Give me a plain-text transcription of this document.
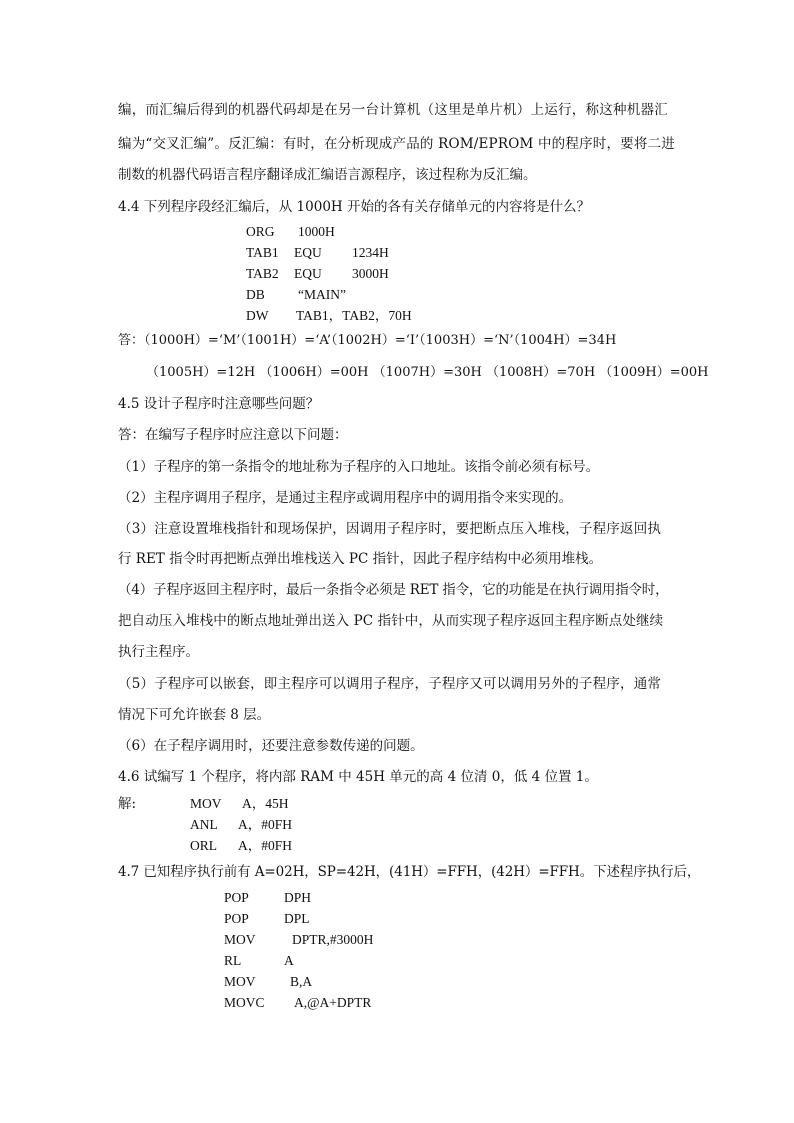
编，而汇编后得到的机器代码却是在另一台计算机（这里是单片机）上运行，称这种机器汇
编为“交叉汇编”。反汇编：有时，在分析现成产品的 ROM/EPROM 中的程序时，要将二进
制数的机器代码语言程序翻译成汇编语言源程序，该过程称为反汇编。
4.4 下列程序段经汇编后，从 1000H 开始的各有关存储单元的内容将是什么？
ORG 1000H
TAB1 EQU 1234H
TAB2 EQU 3000H
DB “MAIN”
DW TAB1，TAB2，70H
答：（1000H）=‘M’（1001H）=‘A’（1002H）=‘I’（1003H）=‘N’（1004H）=34H
（1005H）=12H （1006H）=00H （1007H）=30H （1008H）=70H （1009H）=00H
4.5 设计子程序时注意哪些问题？
答：在编写子程序时应注意以下问题：
（1）子程序的第一条指令的地址称为子程序的入口地址。该指令前必须有标号。
（2）主程序调用子程序，是通过主程序或调用程序中的调用指令来实现的。
（3）注意设置堆栈指针和现场保护，因调用子程序时，要把断点压入堆栈，子程序返回执
行 RET 指令时再把断点弹出堆栈送入 PC 指针，因此子程序结构中必须用堆栈。
（4）子程序返回主程序时，最后一条指令必须是 RET 指令，它的功能是在执行调用指令时，
把自动压入堆栈中的断点地址弹出送入 PC 指针中，从而实现子程序返回主程序断点处继续
执行主程序。
（5）子程序可以嵌套，即主程序可以调用子程序，子程序又可以调用另外的子程序，通常
情况下可允许嵌套 8 层。
（6）在子程序调用时，还要注意参数传递的问题。
4.6 试编写 1 个程序，将内部 RAM 中 45H 单元的高 4 位清 0，低 4 位置 1。
解:	MOV A，45H
ANL A，#0FH
ORL A，#0FH
4.7 已知程序执行前有 A=02H，SP=42H，(41H）=FFH，(42H）=FFH。下述程序执行后，
POP	DPH
POP	DPL
MOV	DPTR,#3000H
RL	A
MOV	B,A
MOVC A,@A+DPTR
